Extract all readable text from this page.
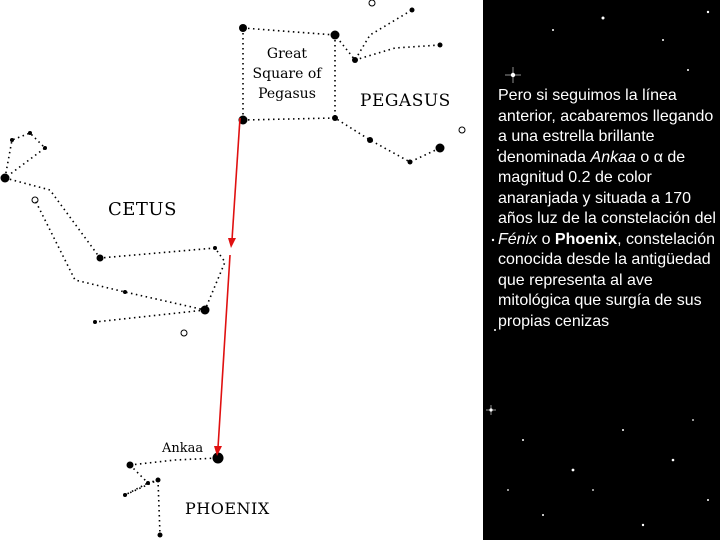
Great
Square of
Pegasus	PEGASUS
CETUS
Ankaa
PHOENIX

Pero si seguimos la línea anterior, acabaremos llegando a una estrella brillante denominada Ankaa o α de magnitud 0.2 de color anaranjada y situada a 170 años luz de la constelación del Fénix o Phoenix, constelación conocida desde la antigüedad que representa al ave mitológica que surgía de sus propias cenizas
